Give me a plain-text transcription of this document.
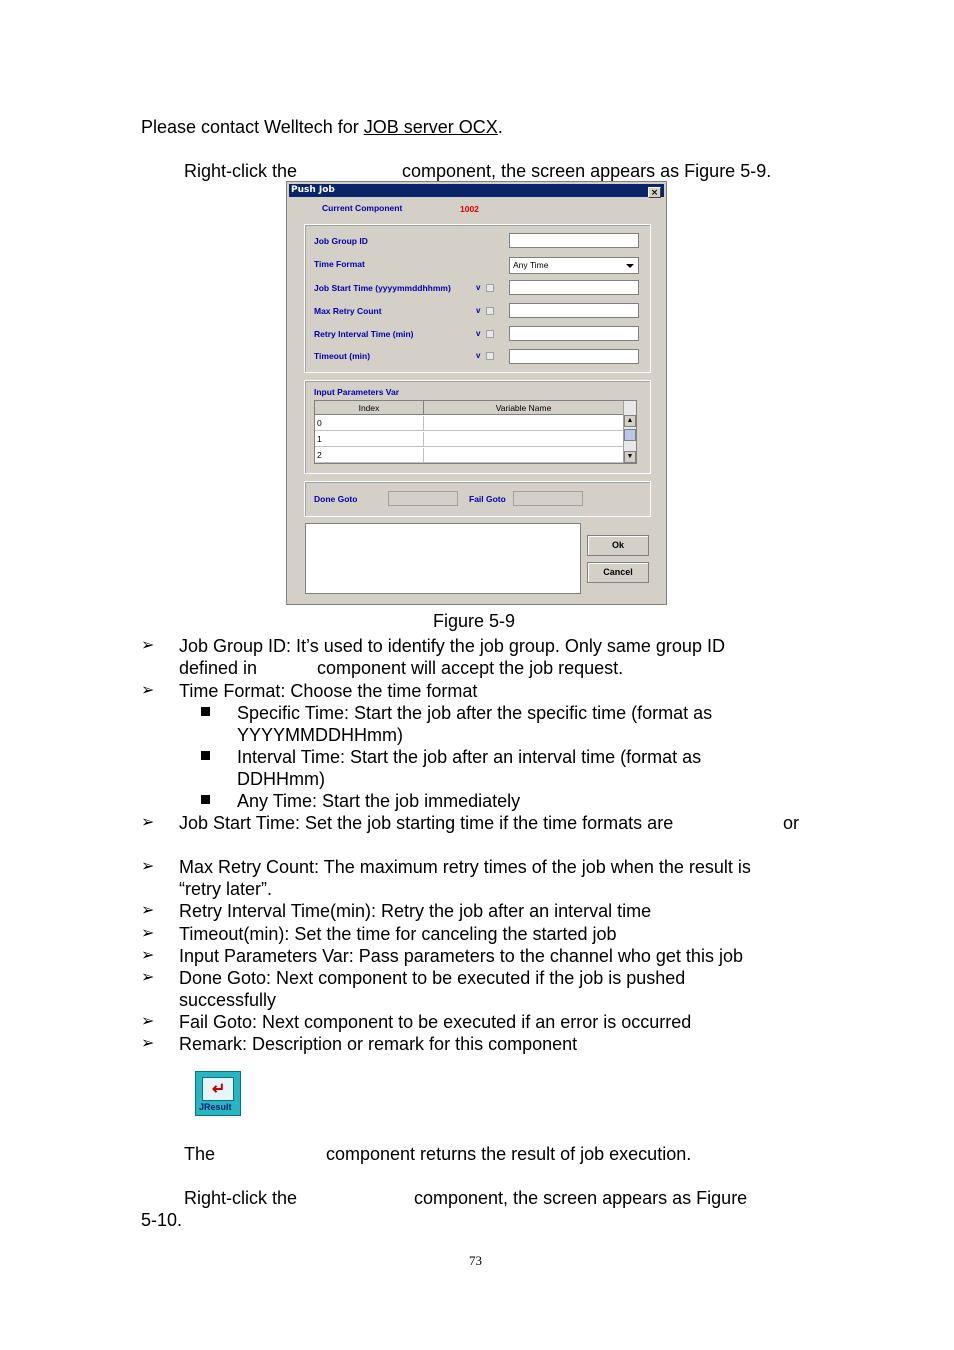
Please contact Welltech for JOB server OCX.
Right-click the	component, the screen appears as Figure 5-9.
Push Job	×
Current Component	1002
Job Group ID
Time Format	Any Time
Job Start Time (yyyymmddhhmm)	v
Max Retry Count	v
Retry Interval Time (min)	v
Timeout (min)	v
Input Parameters Var
Index	Variable Name
0
1
2
▲
▼
Done Goto	Fail Goto
Ok
Cancel
Figure 5-9
➢ Job Group ID: It’s used to identify the job group. Only same group ID
defined in	component will accept the job request.
➢ Time Format: Choose the time format
Specific Time: Start the job after the specific time (format as
YYYYMMDDHHmm)
Interval Time: Start the job after an interval time (format as
DDHHmm)
Any Time: Start the job immediately
➢ Job Start Time: Set the job starting time if the time formats are	or
➢ Max Retry Count: The maximum retry times of the job when the result is
“retry later”.
➢ Retry Interval Time(min): Retry the job after an interval time
➢ Timeout(min): Set the time for canceling the started job
➢ Input Parameters Var: Pass parameters to the channel who get this job
➢ Done Goto: Next component to be executed if the job is pushed
successfully
➢ Fail Goto: Next component to be executed if an error is occurred
➢ Remark: Description or remark for this component
↵
JResult
The	component returns the result of job execution.
Right-click the	component, the screen appears as Figure
5-10.
73
